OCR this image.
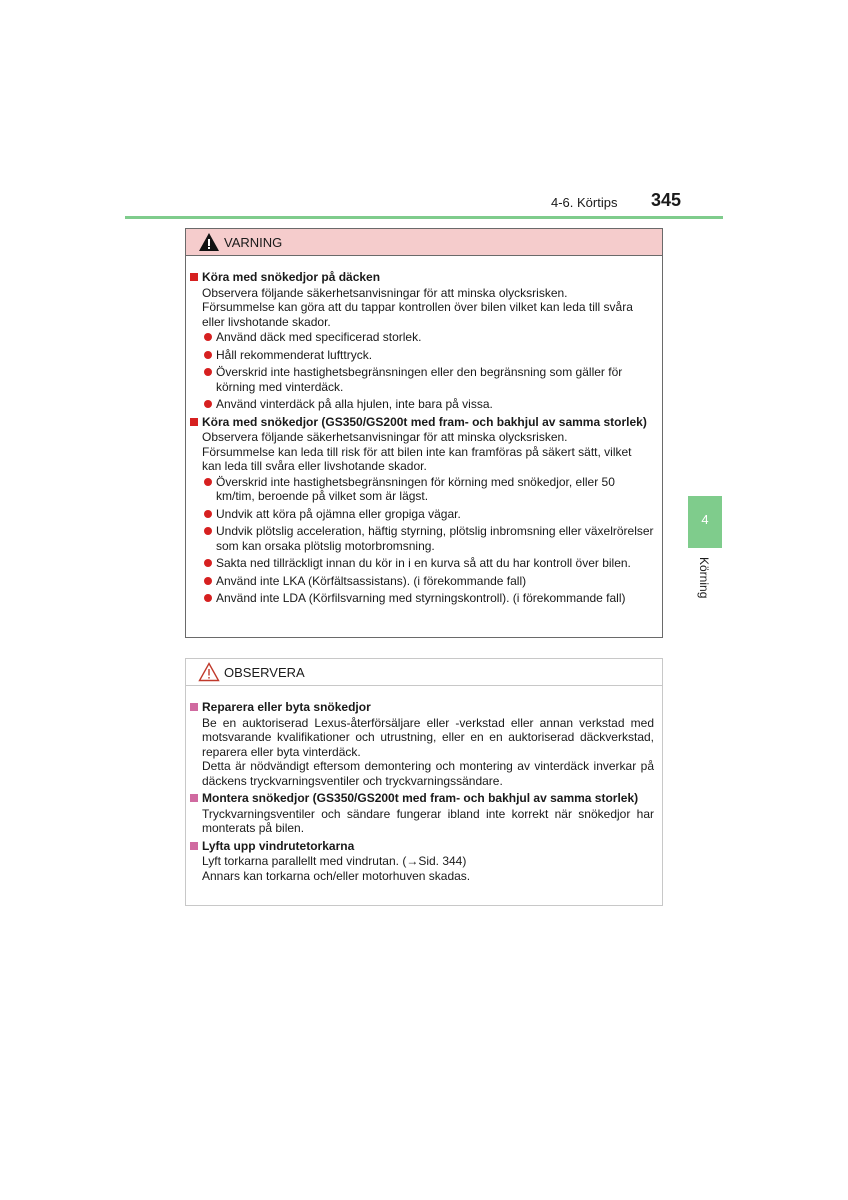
4-6. Körtips 345
4
Körning
VARNING
Köra med snökedjor på däcken
Observera följande säkerhetsanvisningar för att minska olycksrisken.
Försummelse kan göra att du tappar kontrollen över bilen vilket kan leda till svåra eller livshotande skador.
Använd däck med specificerad storlek.
Håll rekommenderat lufttryck.
Överskrid inte hastighetsbegränsningen eller den begränsning som gäller för körning med vinterdäck.
Använd vinterdäck på alla hjulen, inte bara på vissa.
Köra med snökedjor (GS350/GS200t med fram- och bakhjul av samma storlek)
Observera följande säkerhetsanvisningar för att minska olycksrisken.
Försummelse kan leda till risk för att bilen inte kan framföras på säkert sätt, vilket kan leda till svåra eller livshotande skador.
Överskrid inte hastighetsbegränsningen för körning med snökedjor, eller 50 km/tim, beroende på vilket som är lägst.
Undvik att köra på ojämna eller gropiga vägar.
Undvik plötslig acceleration, häftig styrning, plötslig inbromsning eller växelrörelser som kan orsaka plötslig motorbromsning.
Sakta ned tillräckligt innan du kör in i en kurva så att du har kontroll över bilen.
Använd inte LKA (Körfältsassistans). (i förekommande fall)
Använd inte LDA (Körfilsvarning med styrningskontroll). (i förekommande fall)
OBSERVERA
Reparera eller byta snökedjor
Be en auktoriserad Lexus-återförsäljare eller -verkstad eller annan verkstad med motsvarande kvalifikationer och utrustning, eller en en auktoriserad däckverkstad, reparera eller byta vinterdäck.
Detta är nödvändigt eftersom demontering och montering av vinterdäck inverkar på däckens tryckvarningsventiler och tryckvarningssändare.
Montera snökedjor (GS350/GS200t med fram- och bakhjul av samma storlek)
Tryckvarningsventiler och sändare fungerar ibland inte korrekt när snökedjor har monterats på bilen.
Lyfta upp vindrutetorkarna
Lyft torkarna parallellt med vindrutan. (→Sid. 344)
Annars kan torkarna och/eller motorhuven skadas.
